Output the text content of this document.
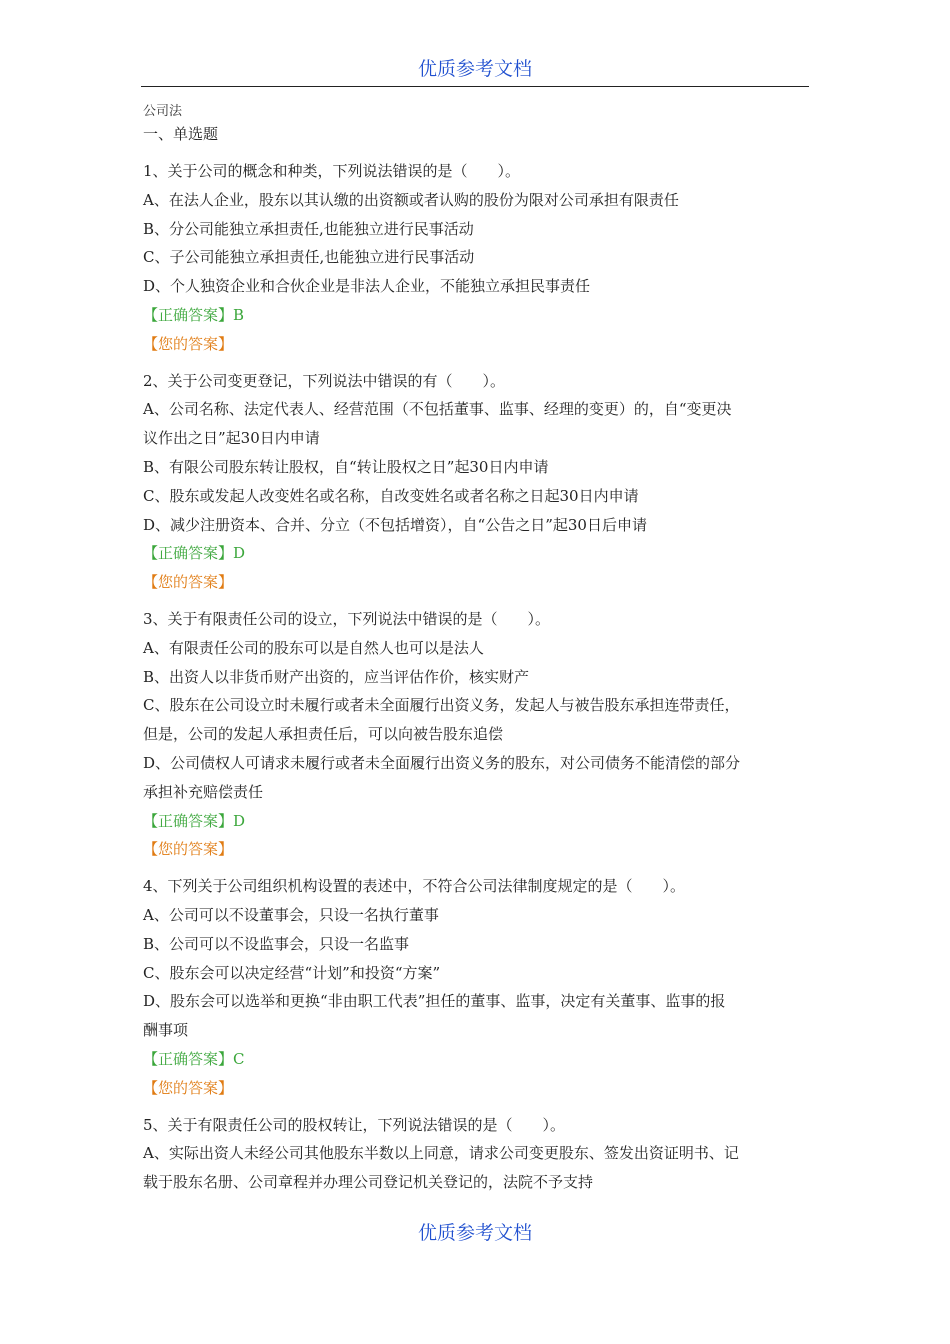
优质参考文档
公司法
一、单选题

1、关于公司的概念和种类，下列说法错误的是（　　）。

A、在法人企业，股东以其认缴的出资额或者认购的股份为限对公司承担有限责任

B、分公司能独立承担责任,也能独立进行民事活动

C、子公司能独立承担责任,也能独立进行民事活动

D、个人独资企业和合伙企业是非法人企业，不能独立承担民事责任

【正确答案】B

【您的答案】

2、关于公司变更登记，下列说法中错误的有（　　）。

A、公司名称、法定代表人、经营范围（不包括董事、监事、经理的变更）的，自“变更决

议作出之日”起30日内申请

B、有限公司股东转让股权，自“转让股权之日”起30日内申请

C、股东或发起人改变姓名或名称，自改变姓名或者名称之日起30日内申请

D、减少注册资本、合并、分立（不包括增资），自“公告之日”起30日后申请

【正确答案】D

【您的答案】

3、关于有限责任公司的设立，下列说法中错误的是（　　）。

A、有限责任公司的股东可以是自然人也可以是法人

B、出资人以非货币财产出资的，应当评估作价，核实财产

C、股东在公司设立时未履行或者未全面履行出资义务，发起人与被告股东承担连带责任，

但是，公司的发起人承担责任后，可以向被告股东追偿

D、公司债权人可请求未履行或者未全面履行出资义务的股东，对公司债务不能清偿的部分

承担补充赔偿责任

【正确答案】D

【您的答案】

4、下列关于公司组织机构设置的表述中，不符合公司法律制度规定的是（　　）。

A、公司可以不设董事会，只设一名执行董事

B、公司可以不设监事会，只设一名监事

C、股东会可以决定经营“计划”和投资“方案”

D、股东会可以选举和更换“非由职工代表”担任的董事、监事，决定有关董事、监事的报

酬事项

【正确答案】C

【您的答案】

5、关于有限责任公司的股权转让，下列说法错误的是（　　）。

A、实际出资人未经公司其他股东半数以上同意，请求公司变更股东、签发出资证明书、记

载于股东名册、公司章程并办理公司登记机关登记的，法院不予支持

优质参考文档
